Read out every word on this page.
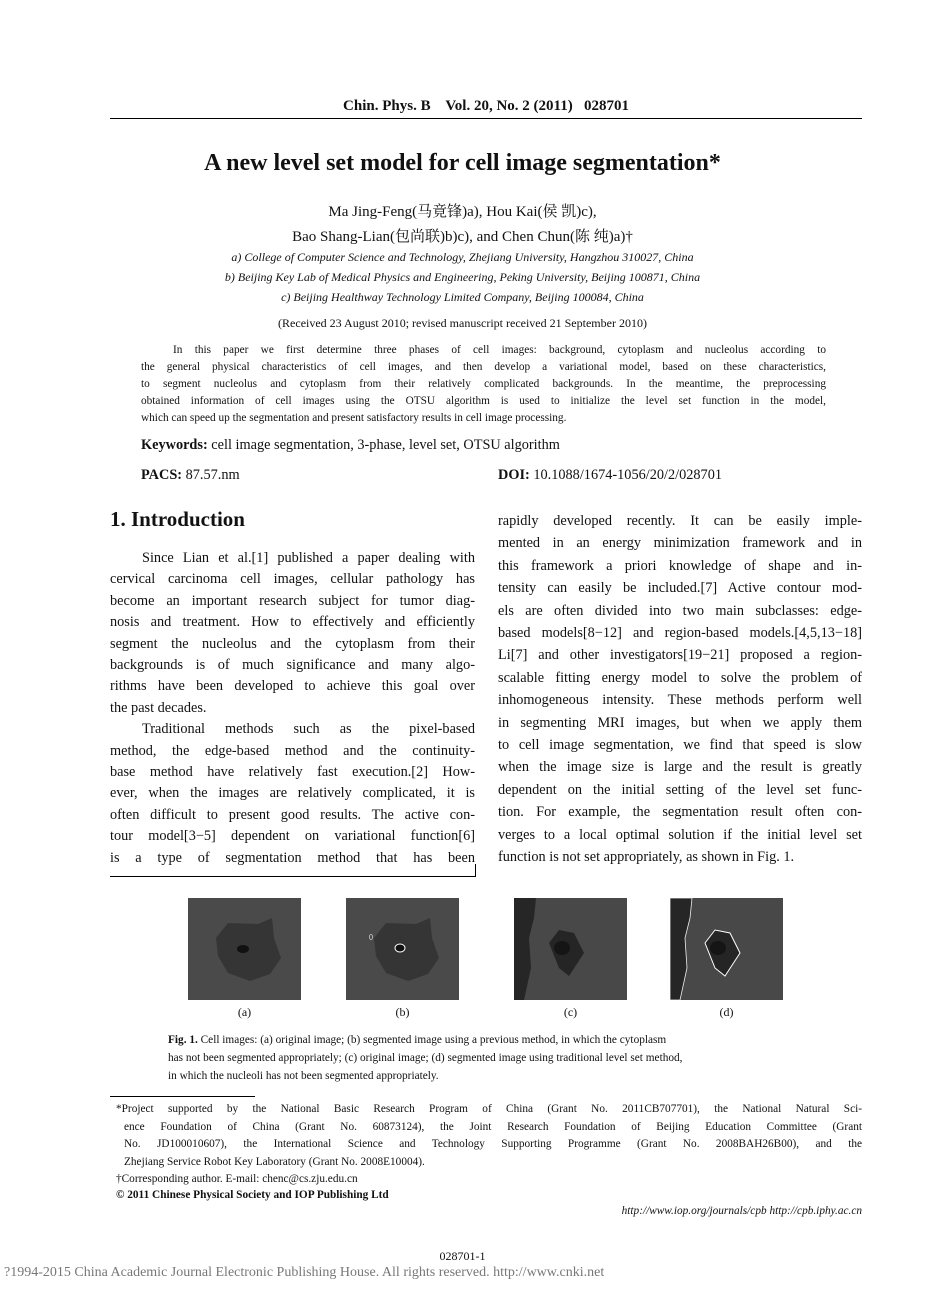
Chin. Phys. B Vol. 20, No. 2 (2011) 028701
A new level set model for cell image segmentation*
Ma Jing-Feng(马竟锋)a), Hou Kai(侯 凯)c),
Bao Shang-Lian(包尚联)b)c), and Chen Chun(陈 纯)a)†
a) College of Computer Science and Technology, Zhejiang University, Hangzhou 310027, China
b) Beijing Key Lab of Medical Physics and Engineering, Peking University, Beijing 100871, China
c) Beijing Healthway Technology Limited Company, Beijing 100084, China
(Received 23 August 2010; revised manuscript received 21 September 2010)
In this paper we first determine three phases of cell images: background, cytoplasm and nucleolus according to
the general physical characteristics of cell images, and then develop a variational model, based on these characteristics,
to segment nucleolus and cytoplasm from their relatively complicated backgrounds. In the meantime, the preprocessing
obtained information of cell images using the OTSU algorithm is used to initialize the level set function in the model,
which can speed up the segmentation and present satisfactory results in cell image processing.
Keywords: cell image segmentation, 3-phase, level set, OTSU algorithm
PACS: 87.57.nm	DOI: 10.1088/1674-1056/20/2/028701
1. Introduction
Since Lian et al.[1] published a paper dealing with
cervical carcinoma cell images, cellular pathology has
become an important research subject for tumor diag-
nosis and treatment. How to effectively and efficiently
segment the nucleolus and the cytoplasm from their
backgrounds is of much significance and many algo-
rithms have been developed to achieve this goal over
the past decades.
Traditional methods such as the pixel-based
method, the edge-based method and the continuity-
base method have relatively fast execution.[2] How-
ever, when the images are relatively complicated, it is
often difficult to present good results. The active con-
tour model[3−5] dependent on variational function[6]
is a type of segmentation method that has been
rapidly developed recently. It can be easily imple-
mented in an energy minimization framework and in
this framework a priori knowledge of shape and in-
tensity can easily be included.[7] Active contour mod-
els are often divided into two main subclasses: edge-
based models[8−12] and region-based models.[4,5,13−18]
Li[7] and other investigators[19−21] proposed a region-
scalable fitting energy model to solve the problem of
inhomogeneous intensity. These methods perform well
in segmenting MRI images, but when we apply them
to cell image segmentation, we find that speed is slow
when the image size is large and the result is greatly
dependent on the initial setting of the level set func-
tion. For example, the segmentation result often con-
verges to a local optimal solution if the initial level set
function is not set appropriately, as shown in Fig. 1.
(a)	(b)	(c)	(d)
Fig. 1. Cell images: (a) original image; (b) segmented image using a previous method, in which the cytoplasm
has not been segmented appropriately; (c) original image; (d) segmented image using traditional level set method,
in which the nucleoli has not been segmented appropriately.
*Project supported by the National Basic Research Program of China (Grant No. 2011CB707701), the National Natural Sci-
ence Foundation of China (Grant No. 60873124), the Joint Research Foundation of Beijing Education Committee (Grant
No. JD100010607), the International Science and Technology Supporting Programme (Grant No. 2008BAH26B00), and the
Zhejiang Service Robot Key Laboratory (Grant No. 2008E10004).
†Corresponding author. E-mail: chenc@cs.zju.edu.cn
© 2011 Chinese Physical Society and IOP Publishing Ltd
http://www.iop.org/journals/cpb http://cpb.iphy.ac.cn
028701-1
?1994-2015 China Academic Journal Electronic Publishing House. All rights reserved. http://www.cnki.net
